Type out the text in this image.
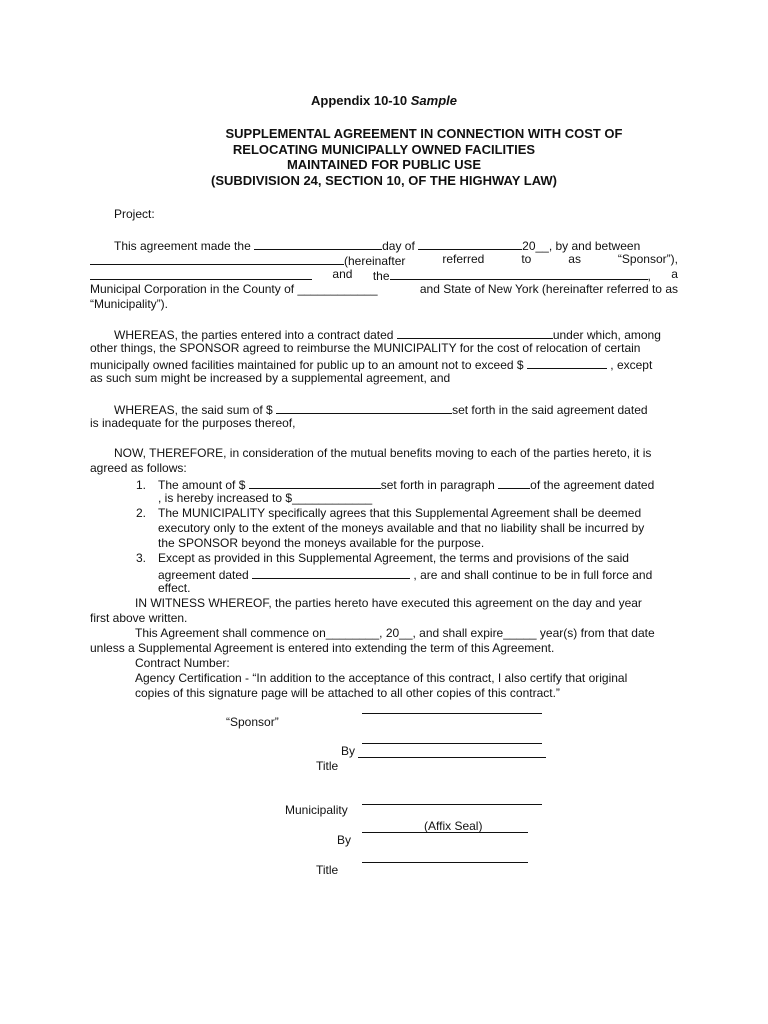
Appendix 10-10 Sample
SUPPLEMENTAL AGREEMENT IN CONNECTION WITH COST OF
RELOCATING MUNICIPALLY OWNED FACILITIES
MAINTAINED FOR PUBLIC USE
(SUBDIVISION 24, SECTION 10, OF THE HIGHWAY LAW)
Project:
This agreement made the	day of	20__, by and between
(hereinafter	referred	to	as	“Sponsor”),
and the	, a
Municipal Corporation in the County of ____________	and State of New York (hereinafter referred to as
“Municipality”).
WHEREAS, the parties entered into a contract dated	under which, among
other things, the SPONSOR agreed to reimburse the MUNICIPALITY for the cost of relocation of certain
municipally owned facilities maintained for public up to an amount not to exceed $	, except
as such sum might be increased by a supplemental agreement, and
WHEREAS, the said sum of $	set forth in the said agreement dated
is inadequate for the purposes thereof,
NOW, THEREFORE, in consideration of the mutual benefits moving to each of the parties hereto, it is
agreed as follows:
1. The amount of $	set forth in paragraph	of the agreement dated
, is hereby increased to $____________
2. The MUNICIPALITY specifically agrees that this Supplemental Agreement shall be deemed
executory only to the extent of the moneys available and that no liability shall be incurred by
the SPONSOR beyond the moneys available for the purpose.
3. Except as provided in this Supplemental Agreement, the terms and provisions of the said
agreement dated	, are and shall continue to be in full force and
effect.
IN WITNESS WHEREOF, the parties hereto have executed this agreement on the day and year
first above written.
This Agreement shall commence on________, 20__, and shall expire_____ year(s) from that date
unless a Supplemental Agreement is entered into extending the term of this Agreement.
Contract Number:
Agency Certification - “In addition to the acceptance of this contract, I also certify that original
copies of this signature page will be attached to all other copies of this contract.”
“Sponsor”
By
Title
Municipality
(Affix Seal)
By
Title
